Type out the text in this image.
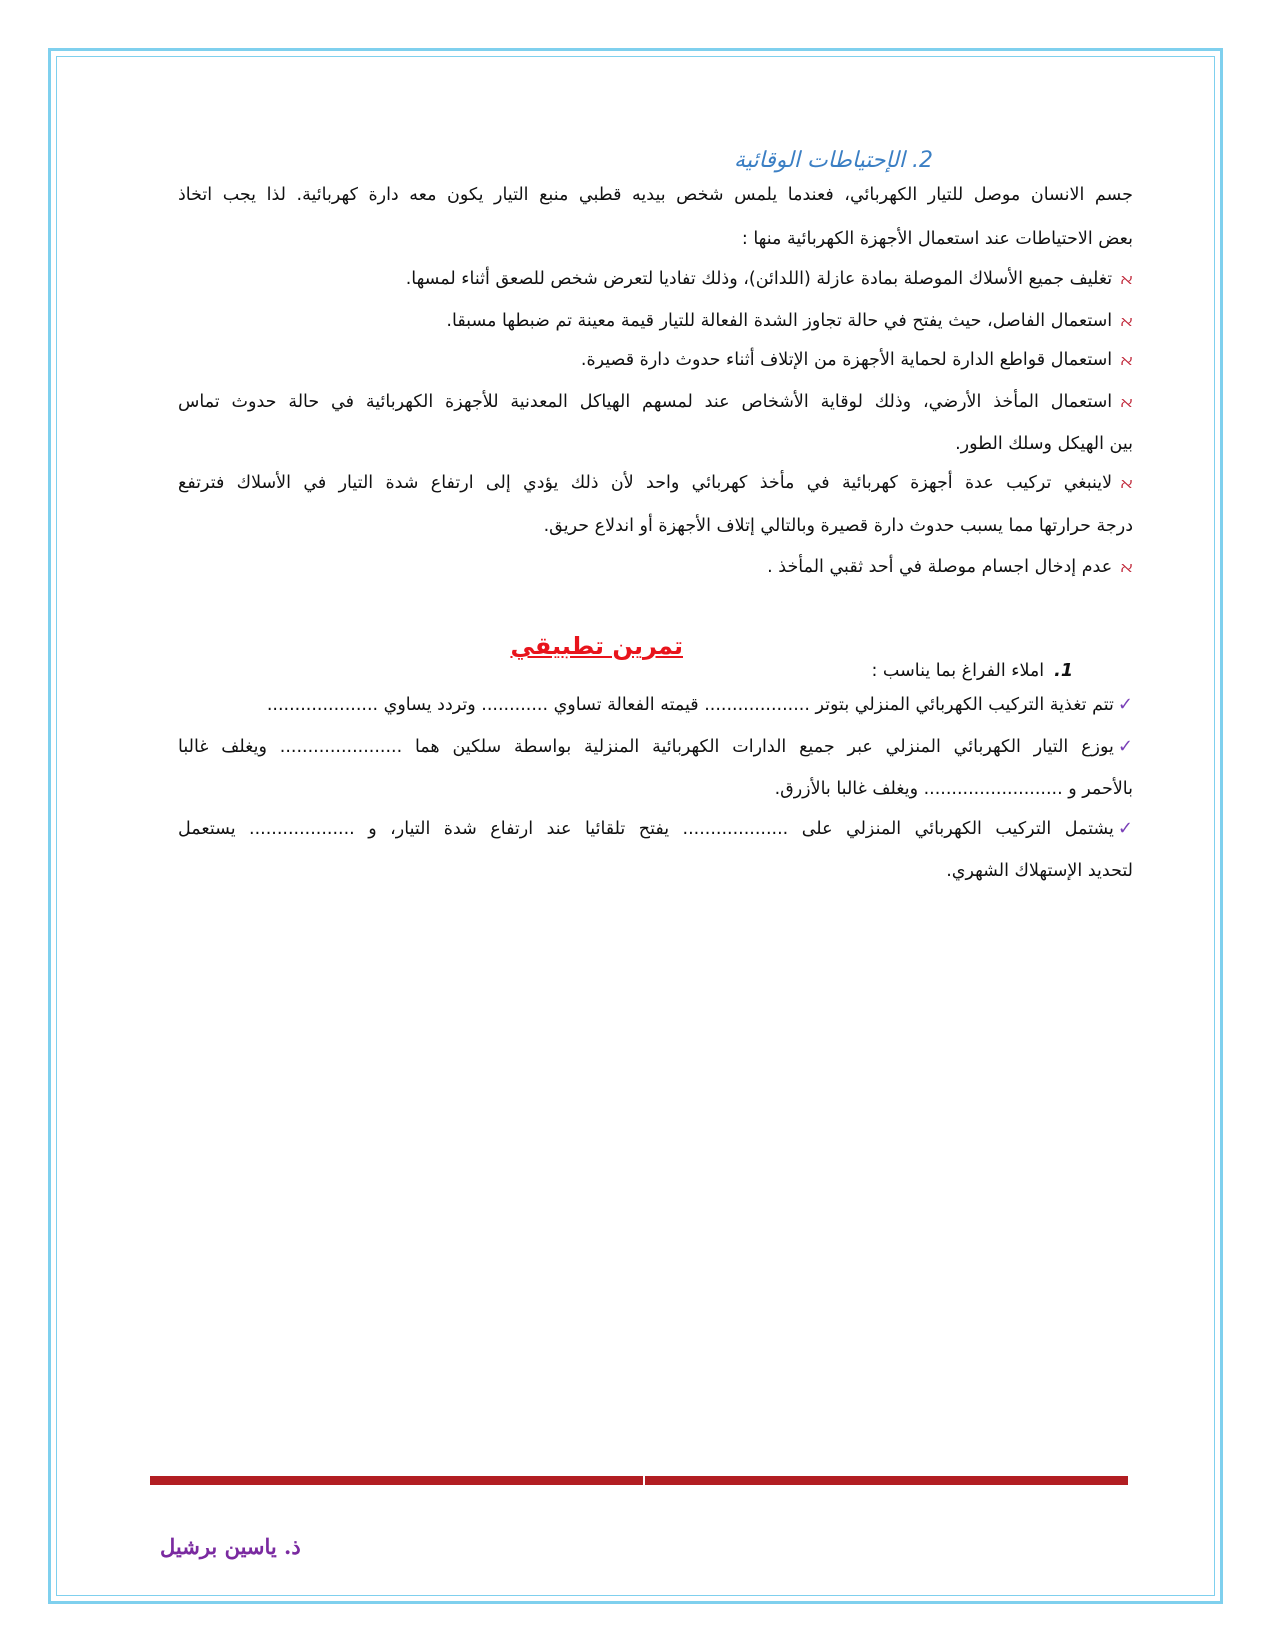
2. الإحتياطات الوقائية
جسم الانسان موصل للتيار الكهربائي، فعندما يلمس شخص بيديه قطبي منبع التيار يكون معه دارة كهربائية. لذا يجب اتخاذ
بعض الاحتياطات عند استعمال الأجهزة الكهربائية منها :
ﬡتغليف جميع الأسلاك الموصلة بمادة عازلة (اللدائن)، وذلك تفاديا لتعرض شخص للصعق أثناء لمسها.
ﬡاستعمال الفاصل، حيث يفتح في حالة تجاوز الشدة الفعالة للتيار قيمة معينة تم ضبطها مسبقا.
ﬡاستعمال قواطع الدارة لحماية الأجهزة من الإتلاف أثناء حدوث دارة قصيرة.
ﬡاستعمال المأخذ الأرضي، وذلك لوقاية الأشخاص عند لمسهم الهياكل المعدنية للأجهزة الكهربائية في حالة حدوث تماس
بين الهيكل وسلك الطور.
ﬡلاينبغي تركيب عدة أجهزة كهربائية في مأخذ كهربائي واحد لأن ذلك يؤدي إلى ارتفاع شدة التيار في الأسلاك فترتفع
درجة حرارتها مما يسبب حدوث دارة قصيرة وبالتالي إتلاف الأجهزة أو اندلاع حريق.
ﬡعدم إدخال اجسام موصلة في أحد ثقبي المأخذ .
تمرين تطبيقي
1.املاء الفراغ بما يناسب :
✓تتم تغذية التركيب الكهربائي المنزلي بتوتر ................... قيمته الفعالة تساوي ............ وتردد يساوي ....................
✓يوزع التيار الكهربائي المنزلي عبر جميع الدارات الكهربائية المنزلية بواسطة سلكين هما ...................... ويغلف غالبا
بالأحمر و ......................... ويغلف غالبا بالأزرق.
✓يشتمل التركيب الكهربائي المنزلي على ................... يفتح تلقائيا عند ارتفاع شدة التيار، و ................... يستعمل
لتحديد الإستهلاك الشهري.
ذ. ياسين برشيل
